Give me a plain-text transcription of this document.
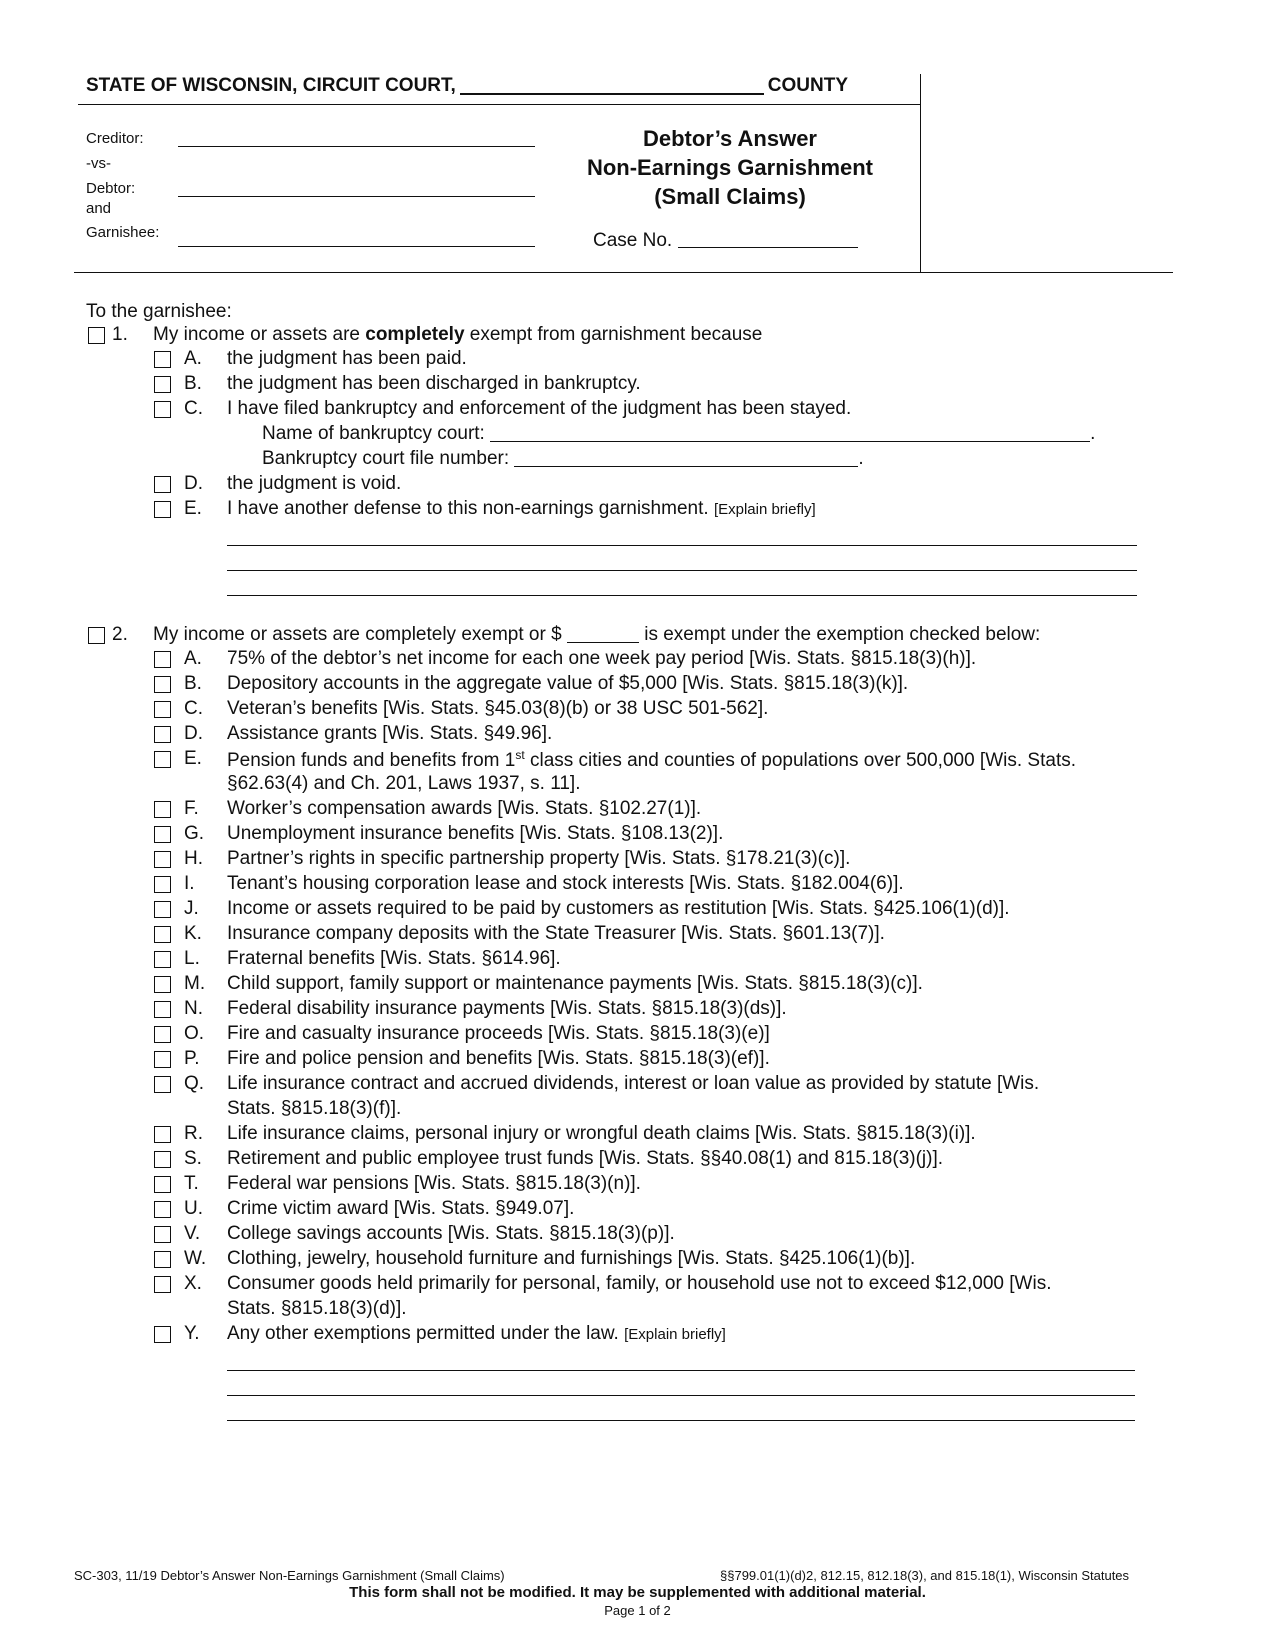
STATE OF WISCONSIN, CIRCUIT COURT,	COUNTY
Creditor:
-vs-
Debtor:
and
Garnishee:
Debtor’s Answer
Non-Earnings Garnishment
(Small Claims)
Case No.
To the garnishee:
1. My income or assets are completely exempt from garnishment because
A. the judgment has been paid.
B. the judgment has been discharged in bankruptcy.
C. I have filed bankruptcy and enforcement of the judgment has been stayed.
Name of bankruptcy court:	.
Bankruptcy court file number:	.
D. the judgment is void.
E. I have another defense to this non-earnings garnishment. [Explain briefly]
2. My income or assets are completely exempt or $	is exempt under the exemption checked below:
A. 75% of the debtor’s net income for each one week pay period [Wis. Stats. §815.18(3)(h)].
B. Depository accounts in the aggregate value of $5,000 [Wis. Stats. §815.18(3)(k)].
C. Veteran’s benefits [Wis. Stats. §45.03(8)(b) or 38 USC 501-562].
D. Assistance grants [Wis. Stats. §49.96].
E. Pension funds and benefits from 1st class cities and counties of populations over 500,000 [Wis. Stats.
§62.63(4) and Ch. 201, Laws 1937, s. 11].
F. Worker’s compensation awards [Wis. Stats. §102.27(1)].
G. Unemployment insurance benefits [Wis. Stats. §108.13(2)].
H. Partner’s rights in specific partnership property [Wis. Stats. §178.21(3)(c)].
I. Tenant’s housing corporation lease and stock interests [Wis. Stats. §182.004(6)].
J. Income or assets required to be paid by customers as restitution [Wis. Stats. §425.106(1)(d)].
K. Insurance company deposits with the State Treasurer [Wis. Stats. §601.13(7)].
L. Fraternal benefits [Wis. Stats. §614.96].
M. Child support, family support or maintenance payments [Wis. Stats. §815.18(3)(c)].
N. Federal disability insurance payments [Wis. Stats. §815.18(3)(ds)].
O. Fire and casualty insurance proceeds [Wis. Stats. §815.18(3)(e)]
P. Fire and police pension and benefits [Wis. Stats. §815.18(3)(ef)].
Q. Life insurance contract and accrued dividends, interest or loan value as provided by statute [Wis.
Stats. §815.18(3)(f)].
R. Life insurance claims, personal injury or wrongful death claims [Wis. Stats. §815.18(3)(i)].
S. Retirement and public employee trust funds [Wis. Stats. §§40.08(1) and 815.18(3)(j)].
T. Federal war pensions [Wis. Stats. §815.18(3)(n)].
U. Crime victim award [Wis. Stats. §949.07].
V. College savings accounts [Wis. Stats. §815.18(3)(p)].
W. Clothing, jewelry, household furniture and furnishings [Wis. Stats. §425.106(1)(b)].
X. Consumer goods held primarily for personal, family, or household use not to exceed $12,000 [Wis.
Stats. §815.18(3)(d)].
Y. Any other exemptions permitted under the law. [Explain briefly]
SC-303, 11/19 Debtor’s Answer Non-Earnings Garnishment (Small Claims)	§§799.01(1)(d)2, 812.15, 812.18(3), and 815.18(1), Wisconsin Statutes
This form shall not be modified. It may be supplemented with additional material.
Page 1 of 2
